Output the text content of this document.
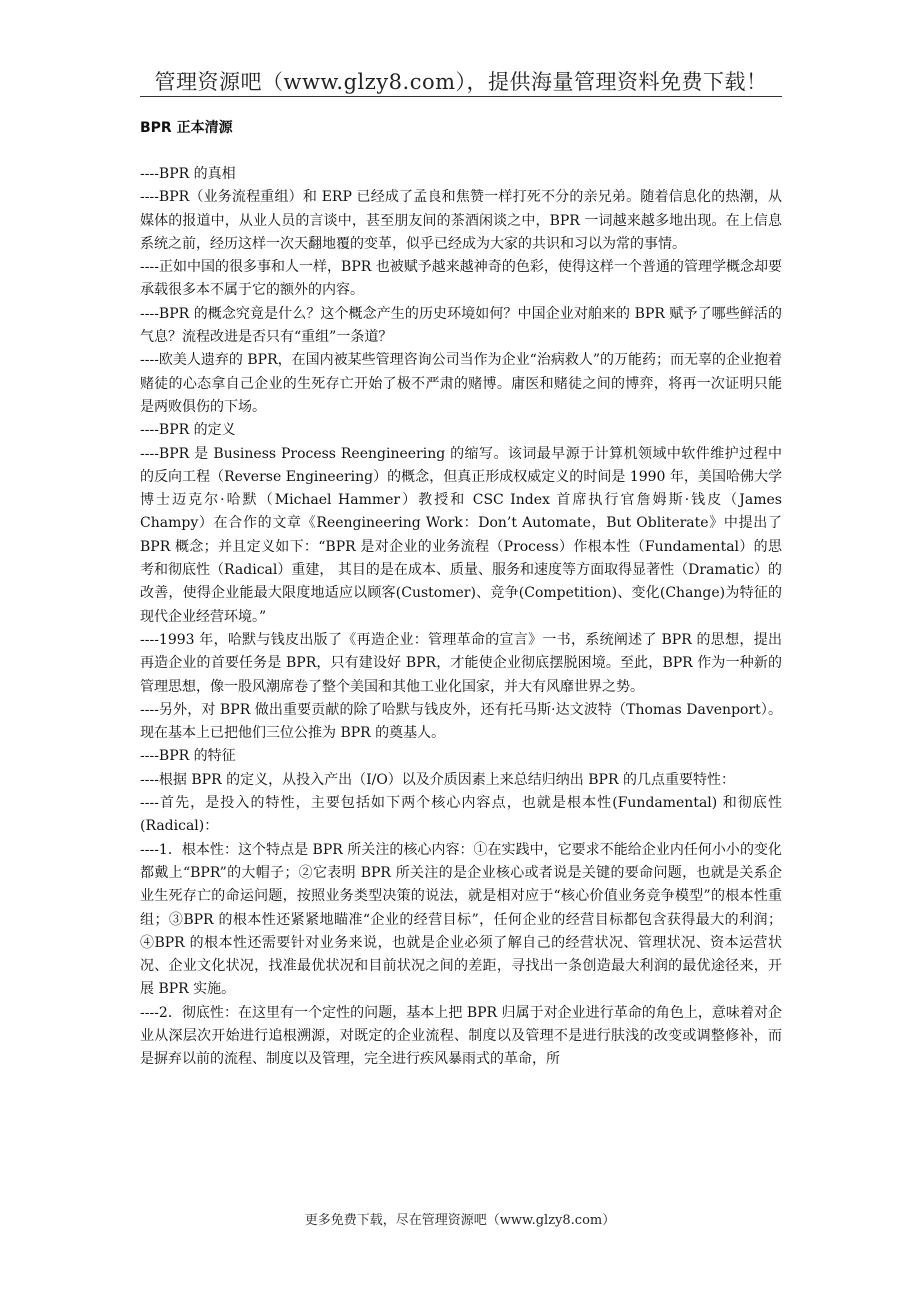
管理资源吧（www.glzy8.com），提供海量管理资料免费下载！
BPR 正本清源

----BPR 的真相

----BPR（业务流程重组）和 ERP 已经成了孟良和焦赞一样打死不分的亲兄弟。随着信息化的热潮，从媒体的报道中，从业人员的言谈中，甚至朋友间的茶酒闲谈之中，BPR 一词越来越多地出现。在上信息系统之前，经历这样一次天翻地覆的变革，似乎已经成为大家的共识和习以为常的事情。

----正如中国的很多事和人一样，BPR 也被赋予越来越神奇的色彩，使得这样一个普通的管理学概念却要承载很多本不属于它的额外的内容。

----BPR 的概念究竟是什么？这个概念产生的历史环境如何？中国企业对舶来的 BPR 赋予了哪些鲜活的气息？流程改进是否只有“重组”一条道？

----欧美人遗弃的 BPR，在国内被某些管理咨询公司当作为企业“治病救人”的万能药；而无辜的企业抱着赌徒的心态拿自己企业的生死存亡开始了极不严肃的赌博。庸医和赌徒之间的博弈，将再一次证明只能是两败俱伤的下场。

----BPR 的定义

----BPR 是 Business Process Reengineering 的缩写。该词最早源于计算机领域中软件维护过程中的反向工程（Reverse Engineering）的概念，但真正形成权威定义的时间是 1990 年，美国哈佛大学博士迈克尔·哈默（Michael Hammer）教授和 CSC Index 首席执行官詹姆斯·钱皮（James Champy）在合作的文章《Reengineering Work：Don’t Automate，But Obliterate》中提出了 BPR 概念；并且定义如下：“BPR 是对企业的业务流程（Process）作根本性（Fundamental）的思考和彻底性（Radical）重建， 其目的是在成本、质量、服务和速度等方面取得显著性（Dramatic）的改善，使得企业能最大限度地适应以顾客(Customer)、竞争(Competition)、变化(Change)为特征的现代企业经营环境。”

----1993 年，哈默与钱皮出版了《再造企业：管理革命的宣言》一书，系统阐述了 BPR 的思想，提出再造企业的首要任务是 BPR，只有建设好 BPR，才能使企业彻底摆脱困境。至此，BPR 作为一种新的管理思想，像一股风潮席卷了整个美国和其他工业化国家，并大有风靡世界之势。

----另外，对 BPR 做出重要贡献的除了哈默与钱皮外，还有托马斯·达文波特（Thomas Davenport）。现在基本上已把他们三位公推为 BPR 的奠基人。

----BPR 的特征

----根据 BPR 的定义，从投入产出（I/O）以及介质因素上来总结归纳出 BPR 的几点重要特性：

----首先，是投入的特性，主要包括如下两个核心内容点，也就是根本性(Fundamental) 和彻底性 (Radical)：

----1．根本性：这个特点是 BPR 所关注的核心内容：①在实践中，它要求不能给企业内任何小小的变化都戴上“BPR”的大帽子；②它表明 BPR 所关注的是企业核心或者说是关键的要命问题，也就是关系企业生死存亡的命运问题，按照业务类型决策的说法，就是相对应于“核心价值业务竞争模型”的根本性重组；③BPR 的根本性还紧紧地瞄准“企业的经营目标”，任何企业的经营目标都包含获得最大的利润；④BPR 的根本性还需要针对业务来说，也就是企业必须了解自己的经营状况、管理状况、资本运营状况、企业文化状况，找准最优状况和目前状况之间的差距，寻找出一条创造最大利润的最优途径来，开展 BPR 实施。

----2．彻底性：在这里有一个定性的问题，基本上把 BPR 归属于对企业进行革命的角色上，意味着对企业从深层次开始进行追根溯源，对既定的企业流程、制度以及管理不是进行肤浅的改变或调整修补，而是摒弃以前的流程、制度以及管理，完全进行疾风暴雨式的革命，所

更多免费下载，尽在管理资源吧（www.glzy8.com）
